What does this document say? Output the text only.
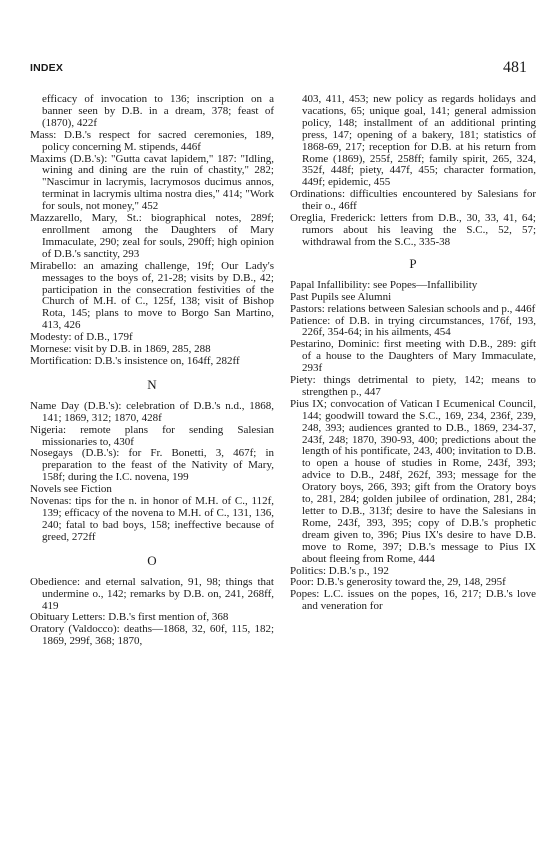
INDEX	481

efficacy of invocation to 136; inscription on a banner seen by D.B. in a dream, 378; feast of (1870), 422f

Mass: D.B.'s respect for sacred ceremonies, 189, policy concerning M. stipends, 446f

Maxims (D.B.'s): "Gutta cavat lapidem," 187: "Idling, wining and dining are the ruin of chastity," 282; "Nascimur in lacrymis, lacrymosos ducimus annos, terminat in lacrymis ultima nostra dies," 414; "Work for souls, not money," 452

Mazzarello, Mary, St.: biographical notes, 289f; enrollment among the Daughters of Mary Immaculate, 290; zeal for souls, 290ff; high opinion of D.B.'s sanctity, 293

Mirabello: an amazing challenge, 19f; Our Lady's messages to the boys of, 21-28; visits by D.B., 42; participation in the consecration festivities of the Church of M.H. of C., 125f, 138; visit of Bishop Rota, 145; plans to move to Borgo San Martino, 413, 426

Modesty: of D.B., 179f

Mornese: visit by D.B. in 1869, 285, 288

Mortification: D.B.'s insistence on, 164ff, 282ff

N

Name Day (D.B.'s): celebration of D.B.'s n.d., 1868, 141; 1869, 312; 1870, 428f

Nigeria: remote plans for sending Salesian missionaries to, 430f

Nosegays (D.B.'s): for Fr. Bonetti, 3, 467f; in preparation to the feast of the Nativity of Mary, 158f; during the I.C. novena, 199

Novels see Fiction

Novenas: tips for the n. in honor of M.H. of C., 112f, 139; efficacy of the novena to M.H. of C., 131, 136, 240; fatal to bad boys, 158; ineffective because of greed, 272ff

O

Obedience: and eternal salvation, 91, 98; things that undermine o., 142; remarks by D.B. on, 241, 268ff, 419

Obituary Letters: D.B.'s first mention of, 368

Oratory (Valdocco): deaths—1868, 32, 60f, 115, 182; 1869, 299f, 368; 1870,

403, 411, 453; new policy as regards holidays and vacations, 65; unique goal, 141; general admission policy, 148; installment of an additional printing press, 147; opening of a bakery, 181; statistics of 1868-69, 217; reception for D.B. at his return from Rome (1869), 255f, 258ff; family spirit, 265, 324, 352f, 448f; piety, 447f, 455; character formation, 449f; epidemic, 455

Ordinations: difficulties encountered by Salesians for their o., 46ff

Oreglia, Frederick: letters from D.B., 30, 33, 41, 64; rumors about his leaving the S.C., 52, 57; withdrawal from the S.C., 335-38

P

Papal Infallibility: see Popes—Infallibility

Past Pupils see Alumni

Pastors: relations between Salesian schools and p., 446f

Patience: of D.B. in trying circumstances, 176f, 193, 226f, 354-64; in his ailments, 454

Pestarino, Dominic: first meeting with D.B., 289: gift of a house to the Daughters of Mary Immaculate, 293f

Piety: things detrimental to piety, 142; means to strengthen p., 447

Pius IX; convocation of Vatican I Ecumenical Council, 144; goodwill toward the S.C., 169, 234, 236f, 239, 248, 393; audiences granted to D.B., 1869, 234-37, 243f, 248; 1870, 390-93, 400; predictions about the length of his pontificate, 243, 400; invitation to D.B. to open a house of studies in Rome, 243f, 393; advice to D.B., 248f, 262f, 393; message for the Oratory boys, 266, 393; gift from the Oratory boys to, 281, 284; golden jubilee of ordination, 281, 284; letter to D.B., 313f; desire to have the Salesians in Rome, 243f, 393, 395; copy of D.B.'s prophetic dream given to, 396; Pius IX's desire to have D.B. move to Rome, 397; D.B.'s message to Pius IX about fleeing from Rome, 444

Politics: D.B.'s p., 192

Poor: D.B.'s generosity toward the, 29, 148, 295f

Popes: L.C. issues on the popes, 16, 217; D.B.'s love and veneration for
